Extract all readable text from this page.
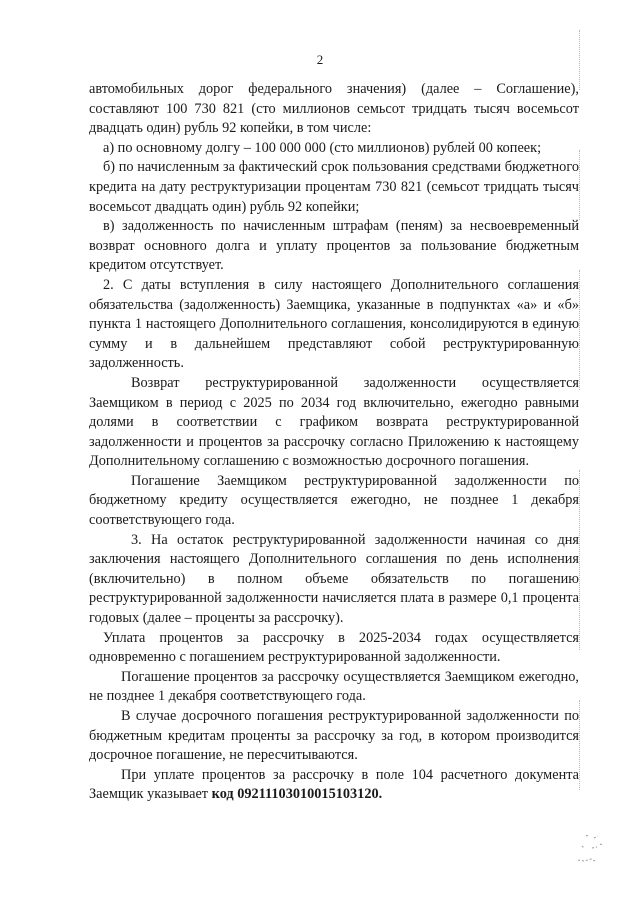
2

автомобильных дорог федерального значения) (далее – Соглашение), составляют 100 730 821 (сто миллионов семьсот тридцать тысяч восемьсот двадцать один) рубль 92 копейки, в том числе:

а) по основному долгу – 100 000 000 (сто миллионов) рублей 00 копеек;

б) по начисленным за фактический срок пользования средствами бюджетного кредита на дату реструктуризации процентам 730 821 (семьсот тридцать тысяч восемьсот двадцать один) рубль 92 копейки;

в) задолженность по начисленным штрафам (пеням) за несвоевременный возврат основного долга и уплату процентов за пользование бюджетным кредитом отсутствует.

2. С даты вступления в силу настоящего Дополнительного соглашения обязательства (задолженность) Заемщика, указанные в подпунктах «а» и «б» пункта 1 настоящего Дополнительного соглашения, консолидируются в единую сумму и в дальнейшем представляют собой реструктурированную задолженность.

Возврат реструктурированной задолженности осуществляется Заемщиком в период с 2025 по 2034 год включительно, ежегодно равными долями в соответствии с графиком возврата реструктурированной задолженности и процентов за рассрочку согласно Приложению к настоящему Дополнительному соглашению с возможностью досрочного погашения.

Погашение Заемщиком реструктурированной задолженности по бюджетному кредиту осуществляется ежегодно, не позднее 1 декабря соответствующего года.

3. На остаток реструктурированной задолженности начиная со дня заключения настоящего Дополнительного соглашения по день исполнения (включительно) в полном объеме обязательств по погашению реструктурированной задолженности начисляется плата в размере 0,1 процента годовых (далее – проценты за рассрочку).

Уплата процентов за рассрочку в 2025-2034 годах осуществляется одновременно с погашением реструктурированной задолженности.

Погашение процентов за рассрочку осуществляется Заемщиком ежегодно, не позднее 1 декабря соответствующего года.

В случае досрочного погашения реструктурированной задолженности по бюджетным кредитам проценты за рассрочку за год, в котором производится досрочное погашение, не пересчитываются.

При уплате процентов за рассрочку в поле 104 расчетного документа Заемщик указывает код 09211103010015103120.
